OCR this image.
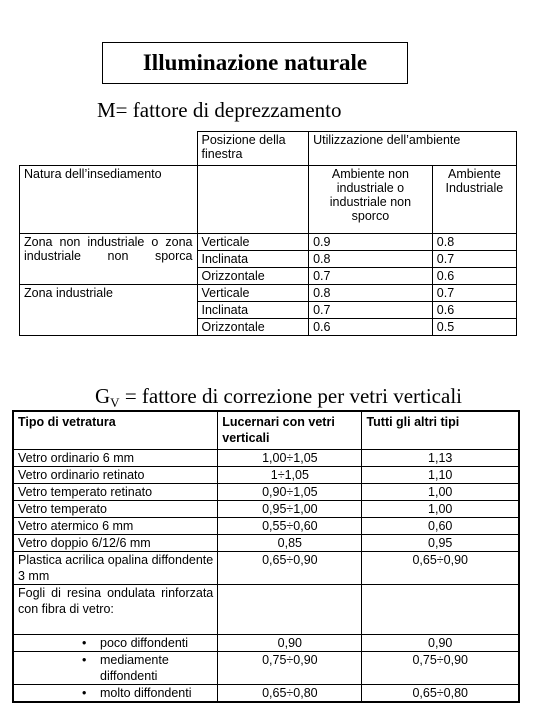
Illuminazione naturale
M= fattore di deprezzamento
	Posizione della finestra	Utilizzazione dell’ambiente	
Natura dell’insediamento		Ambiente non industriale o industriale non sporco	Ambiente Industriale
Zona non industriale o zona industriale non sporca	Verticale	0.9	0.8
	Inclinata	0.8	0.7
	Orizzontale	0.7	0.6
Zona industriale	Verticale	0.8	0.7
	Inclinata	0.7	0.6
	Orizzontale	0.6	0.5
$G_V$ = fattore di correzione per vetri verticali
Tipo di vetratura	Lucernari con vetri verticali	Tutti gli altri tipi
Vetro ordinario 6 mm	1,00÷1,05	1,13
Vetro ordinario retinato	1÷1,05	1,10
Vetro temperato retinato	0,90÷1,05	1,00
Vetro temperato	0,95÷1,00	1,00
Vetro atermico 6 mm	0,55÷0,60	0,60
Vetro doppio 6/12/6 mm	0,85	0,95
Plastica acrilica opalina diffondente 3 mm	0,65÷0,90	0,65÷0,90
Fogli di resina ondulata rinforzata con fibra di vetro:		

• poco diffondenti	0,90	0,90

• mediamente diffondenti	0,75÷0,90	0,75÷0,90

• molto diffondenti	0,65÷0,80	0,65÷0,80
